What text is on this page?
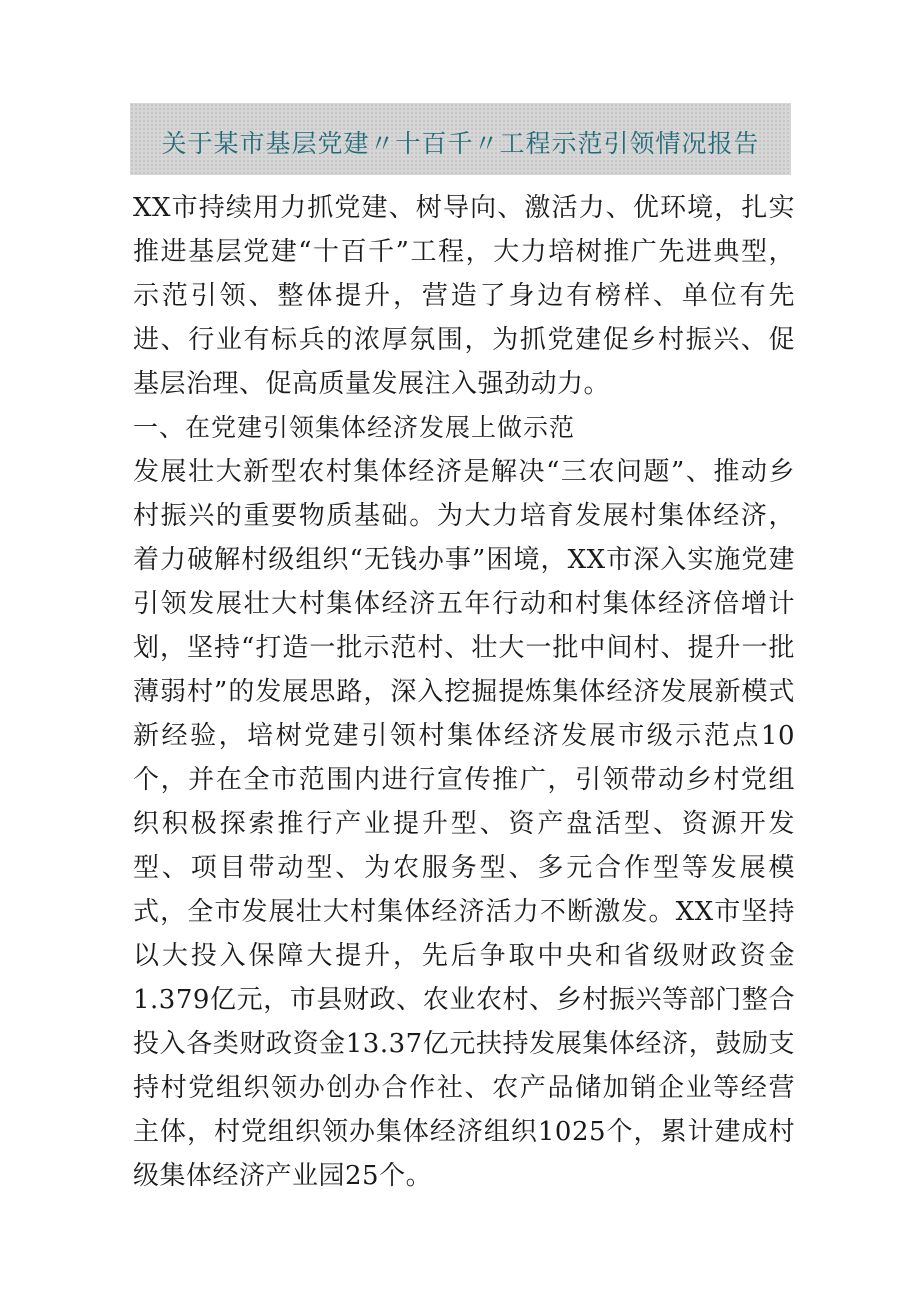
关于某市基层党建〃十百千〃工程示范引领情况报告

XX市持续用力抓党建、树导向、激活力、优环境，扎实推进基层党建“十百千”工程，大力培树推广先进典型，示范引领、整体提升，营造了身边有榜样、单位有先进、行业有标兵的浓厚氛围，为抓党建促乡村振兴、促基层治理、促高质量发展注入强劲动力。

一、在党建引领集体经济发展上做示范

发展壮大新型农村集体经济是解决“三农问题”、推动乡村振兴的重要物质基础。为大力培育发展村集体经济，着力破解村级组织“无钱办事”困境，XX市深入实施党建引领发展壮大村集体经济五年行动和村集体经济倍增计划，坚持“打造一批示范村、壮大一批中间村、提升一批薄弱村”的发展思路，深入挖掘提炼集体经济发展新模式新经验，培树党建引领村集体经济发展市级示范点10个，并在全市范围内进行宣传推广，引领带动乡村党组织积极探索推行产业提升型、资产盘活型、资源开发型、项目带动型、为农服务型、多元合作型等发展模式，全市发展壮大村集体经济活力不断激发。XX市坚持以大投入保障大提升，先后争取中央和省级财政资金1.379亿元，市县财政、农业农村、乡村振兴等部门整合投入各类财政资金13.37亿元扶持发展集体经济，鼓励支持村党组织领办创办合作社、农产品储加销企业等经营主体，村党组织领办集体经济组织1025个，累计建成村级集体经济产业园25个。
